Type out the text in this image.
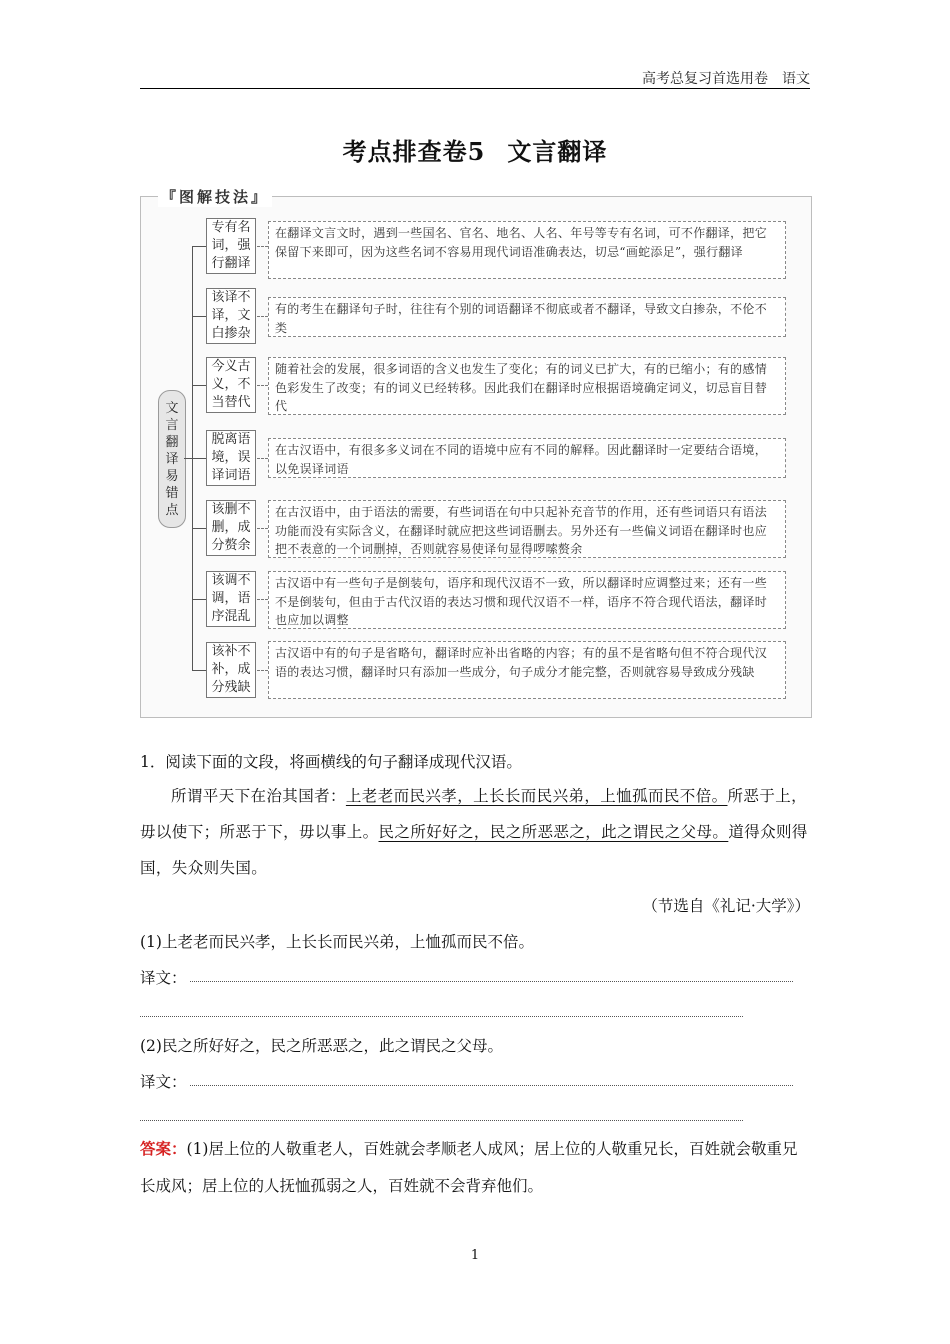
高考总复习首选用卷　语文
考点排查卷5 文言翻译
『图解技法』
文
言
翻
译
易
错
点
专有名词，强行翻译
在翻译文言文时，遇到一些国名、官名、地名、人名、年号等专有名词，可不作翻译，把它保留下来即可，因为这些名词不容易用现代词语准确表达，切忌“画蛇添足”，强行翻译
该译不译，文白掺杂
有的考生在翻译句子时，往往有个别的词语翻译不彻底或者不翻译，导致文白掺杂，不伦不类
今义古义，不当替代
随着社会的发展，很多词语的含义也发生了变化；有的词义已扩大，有的已缩小；有的感情色彩发生了改变；有的词义已经转移。因此我们在翻译时应根据语境确定词义，切忌盲目替代
脱离语境，误译词语
在古汉语中，有很多多义词在不同的语境中应有不同的解释。因此翻译时一定要结合语境，以免误译词语
该删不删，成分赘余
在古汉语中，由于语法的需要，有些词语在句中只起补充音节的作用，还有些词语只有语法功能而没有实际含义，在翻译时就应把这些词语删去。另外还有一些偏义词语在翻译时也应把不表意的一个词删掉，否则就容易使译句显得啰嗦赘余
该调不调，语序混乱
古汉语中有一些句子是倒装句，语序和现代汉语不一致，所以翻译时应调整过来；还有一些不是倒装句，但由于古代汉语的表达习惯和现代汉语不一样，语序不符合现代语法，翻译时也应加以调整
该补不补，成分残缺
古汉语中有的句子是省略句，翻译时应补出省略的内容；有的虽不是省略句但不符合现代汉语的表达习惯，翻译时只有添加一些成分，句子成分才能完整，否则就容易导致成分残缺
1．阅读下面的文段，将画横线的句子翻译成现代汉语。
所谓平天下在治其国者：上老老而民兴孝，上长长而民兴弟，上恤孤而民不倍。所恶于上，毋以使下；所恶于下，毋以事上。民之所好好之，民之所恶恶之，此之谓民之父母。道得众则得国，失众则失国。
（节选自《礼记·大学》）
(1)上老老而民兴孝，上长长而民兴弟，上恤孤而民不倍。
译文：
(2)民之所好好之，民之所恶恶之，此之谓民之父母。
译文：
答案：(1)居上位的人敬重老人，百姓就会孝顺老人成风；居上位的人敬重兄长，百姓就会敬重兄长成风；居上位的人抚恤孤弱之人，百姓就不会背弃他们。
1
